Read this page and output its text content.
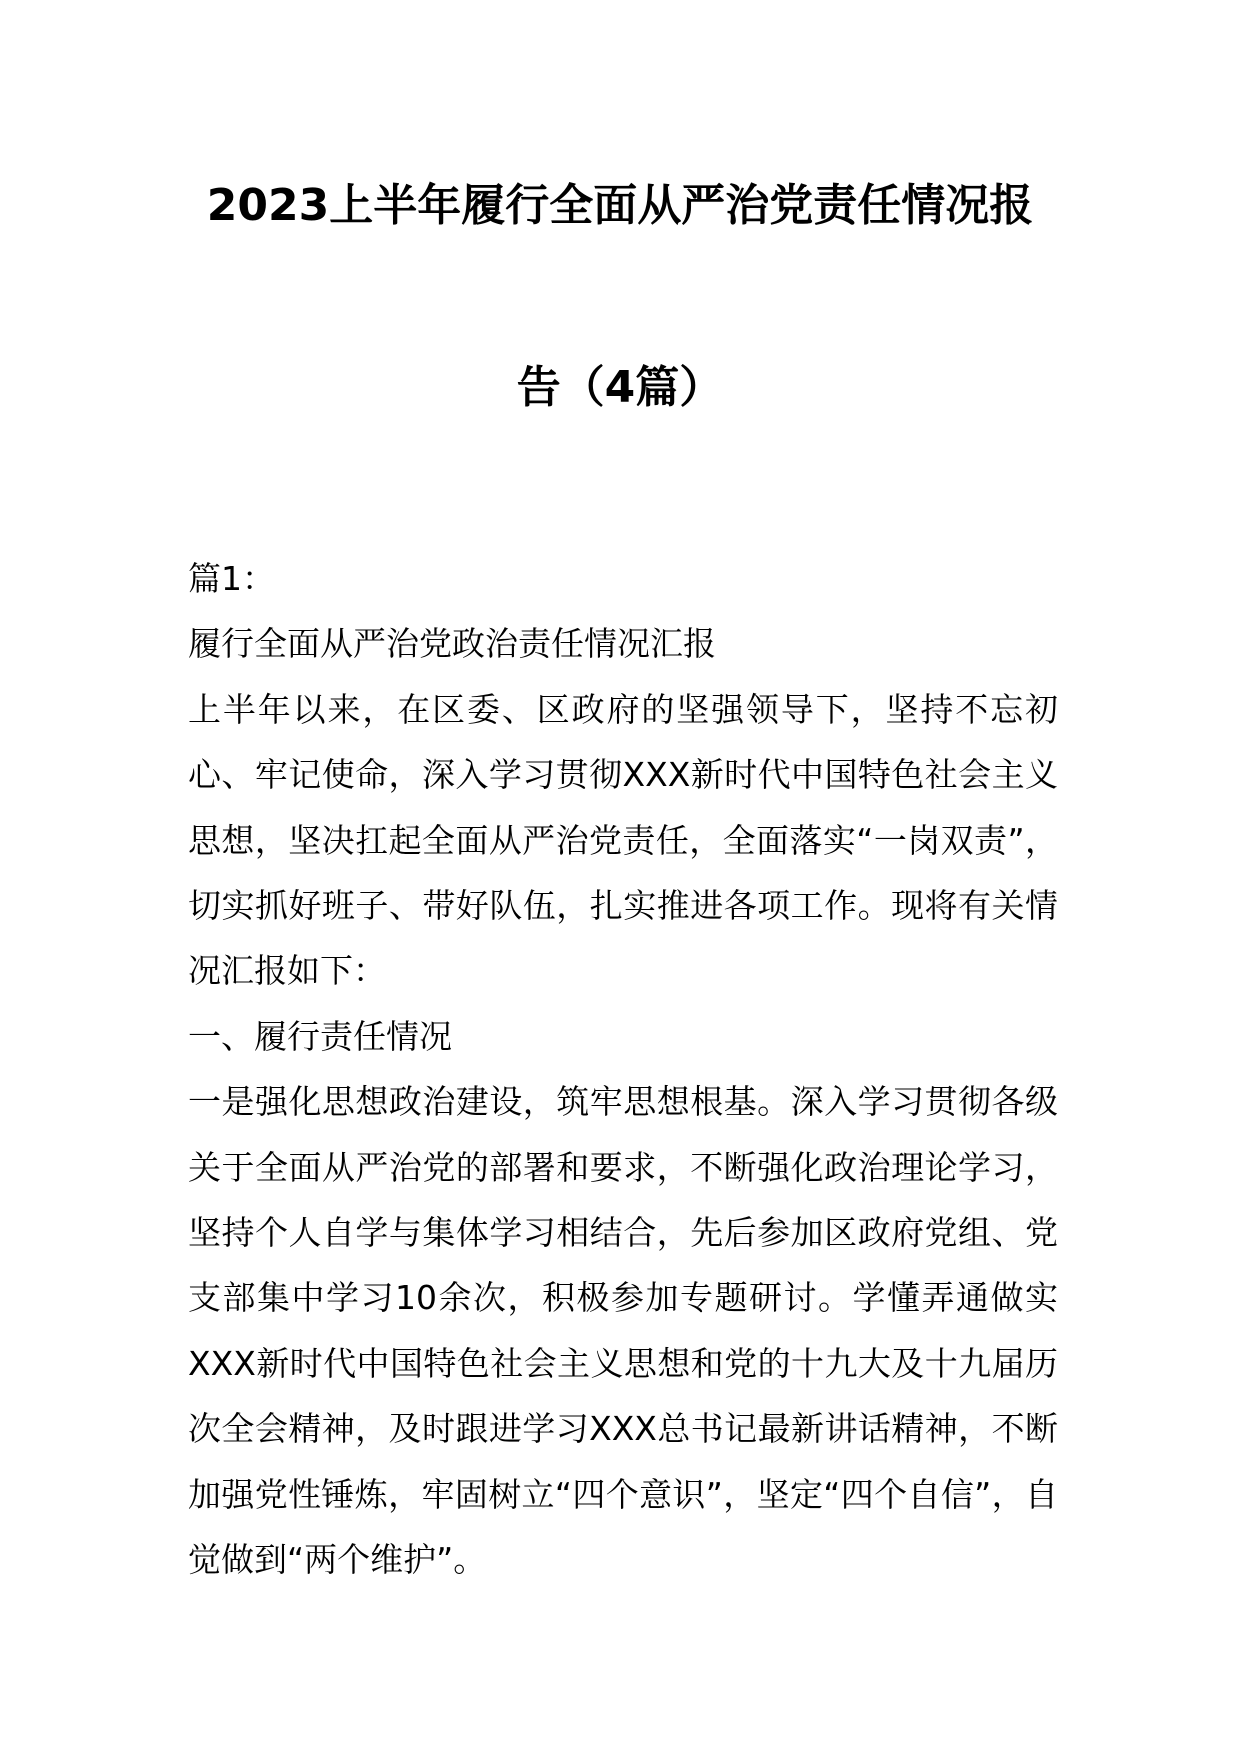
2023上半年履行全面从严治党责任情况报
告（4篇）

篇1：

履行全面从严治党政治责任情况汇报

上半年以来，在区委、区政府的坚强领导下，坚持不忘初心、牢记使命，深入学习贯彻XXX新时代中国特色社会主义思想，坚决扛起全面从严治党责任，全面落实“一岗双责”，切实抓好班子、带好队伍，扎实推进各项工作。现将有关情况汇报如下：

一、履行责任情况

一是强化思想政治建设，筑牢思想根基。深入学习贯彻各级关于全面从严治党的部署和要求，不断强化政治理论学习，坚持个人自学与集体学习相结合，先后参加区政府党组、党支部集中学习10余次，积极参加专题研讨。学懂弄通做实XXX新时代中国特色社会主义思想和党的十九大及十九届历次全会精神，及时跟进学习XXX总书记最新讲话精神，不断加强党性锤炼，牢固树立“四个意识”，坚定“四个自信”，自觉做到“两个维护”。
